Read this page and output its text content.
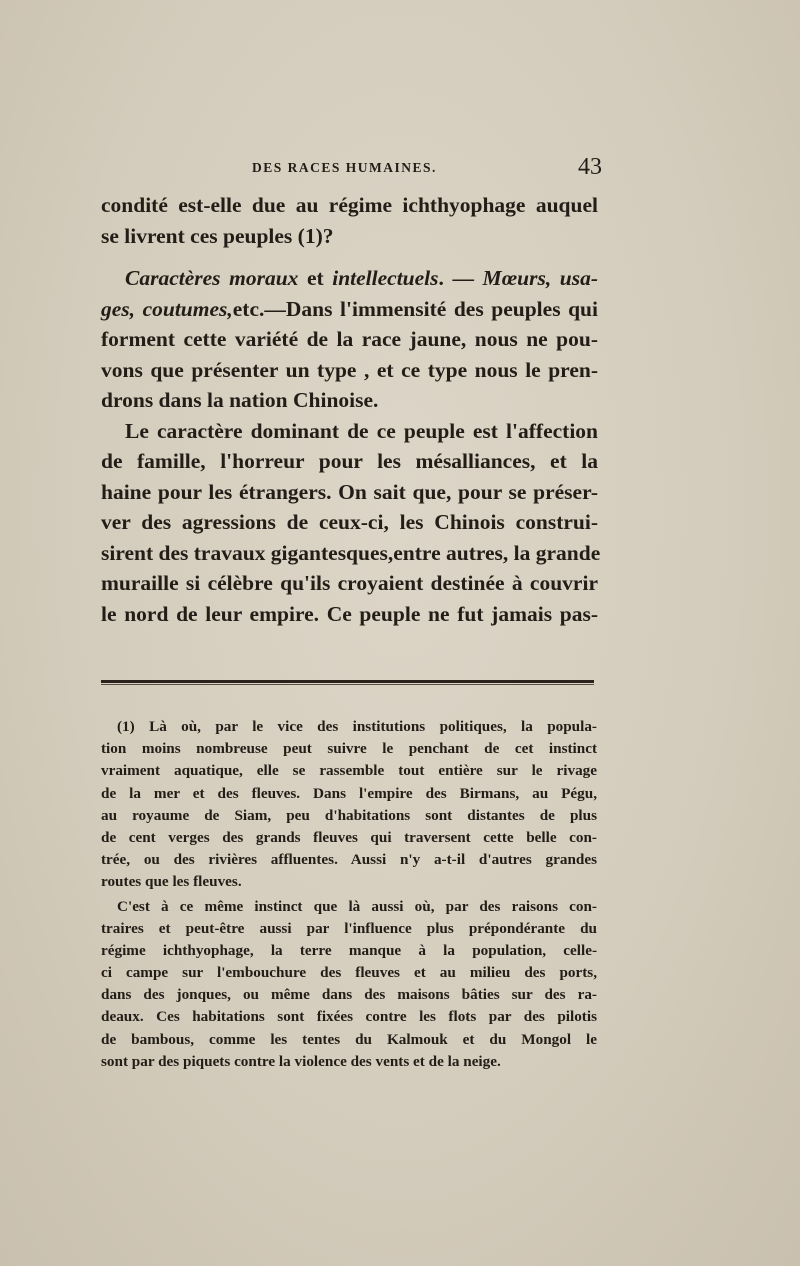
DES RACES HUMAINES.	43
condité est-elle due au régime ichthyophage auquel
se livrent ces peuples (1)?
Caractères moraux et intellectuels. — Mœurs, usa-
ges, coutumes,etc.—Dans l'immensité des peuples qui
forment cette variété de la race jaune, nous ne pou-
vons que présenter un type , et ce type nous le pren-
drons dans la nation Chinoise.
Le caractère dominant de ce peuple est l'affection
de famille, l'horreur pour les mésalliances, et la
haine pour les étrangers. On sait que, pour se préser-
ver des agressions de ceux-ci, les Chinois construi-
sirent des travaux gigantesques,entre autres, la grande
muraille si célèbre qu'ils croyaient destinée à couvrir
le nord de leur empire. Ce peuple ne fut jamais pas-
(1) Là où, par le vice des institutions politiques, la popula-
tion moins nombreuse peut suivre le penchant de cet instinct
vraiment aquatique, elle se rassemble tout entière sur le rivage
de la mer et des fleuves. Dans l'empire des Birmans, au Pégu,
au royaume de Siam, peu d'habitations sont distantes de plus
de cent verges des grands fleuves qui traversent cette belle con-
trée, ou des rivières affluentes. Aussi n'y a-t-il d'autres grandes
routes que les fleuves.
C'est à ce même instinct que là aussi où, par des raisons con-
traires et peut-être aussi par l'influence plus prépondérante du
régime ichthyophage, la terre manque à la population, celle-
ci campe sur l'embouchure des fleuves et au milieu des ports,
dans des jonques, ou même dans des maisons bâties sur des ra-
deaux. Ces habitations sont fixées contre les flots par des pilotis
de bambous, comme les tentes du Kalmouk et du Mongol le
sont par des piquets contre la violence des vents et de la neige.
